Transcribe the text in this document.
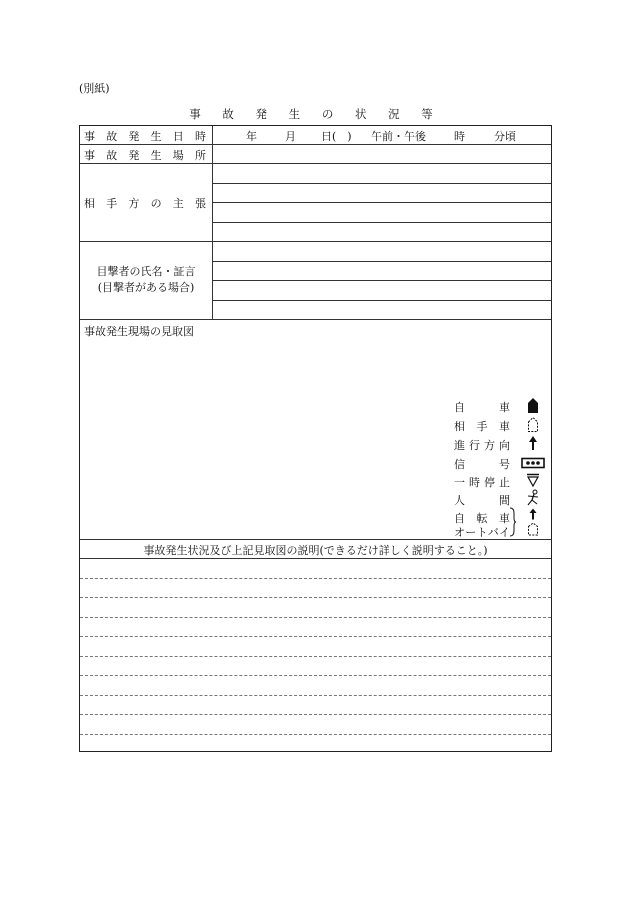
(別紙)
事 故 発 生 の 状 況 等
事 故 発 生 日 時	年	月 日(　) 午前・午後	時	分頃
事 故 発 生 場 所
相 手 方 の 主 張
目撃者の氏名・証言
(目撃者がある場合)
事故発生現場の見取図
自車
相手車
進行方向
信号
一時停止
人間
自転車
オートバイ
事故発生状況及び上記見取図の説明(できるだけ詳しく説明すること。)
